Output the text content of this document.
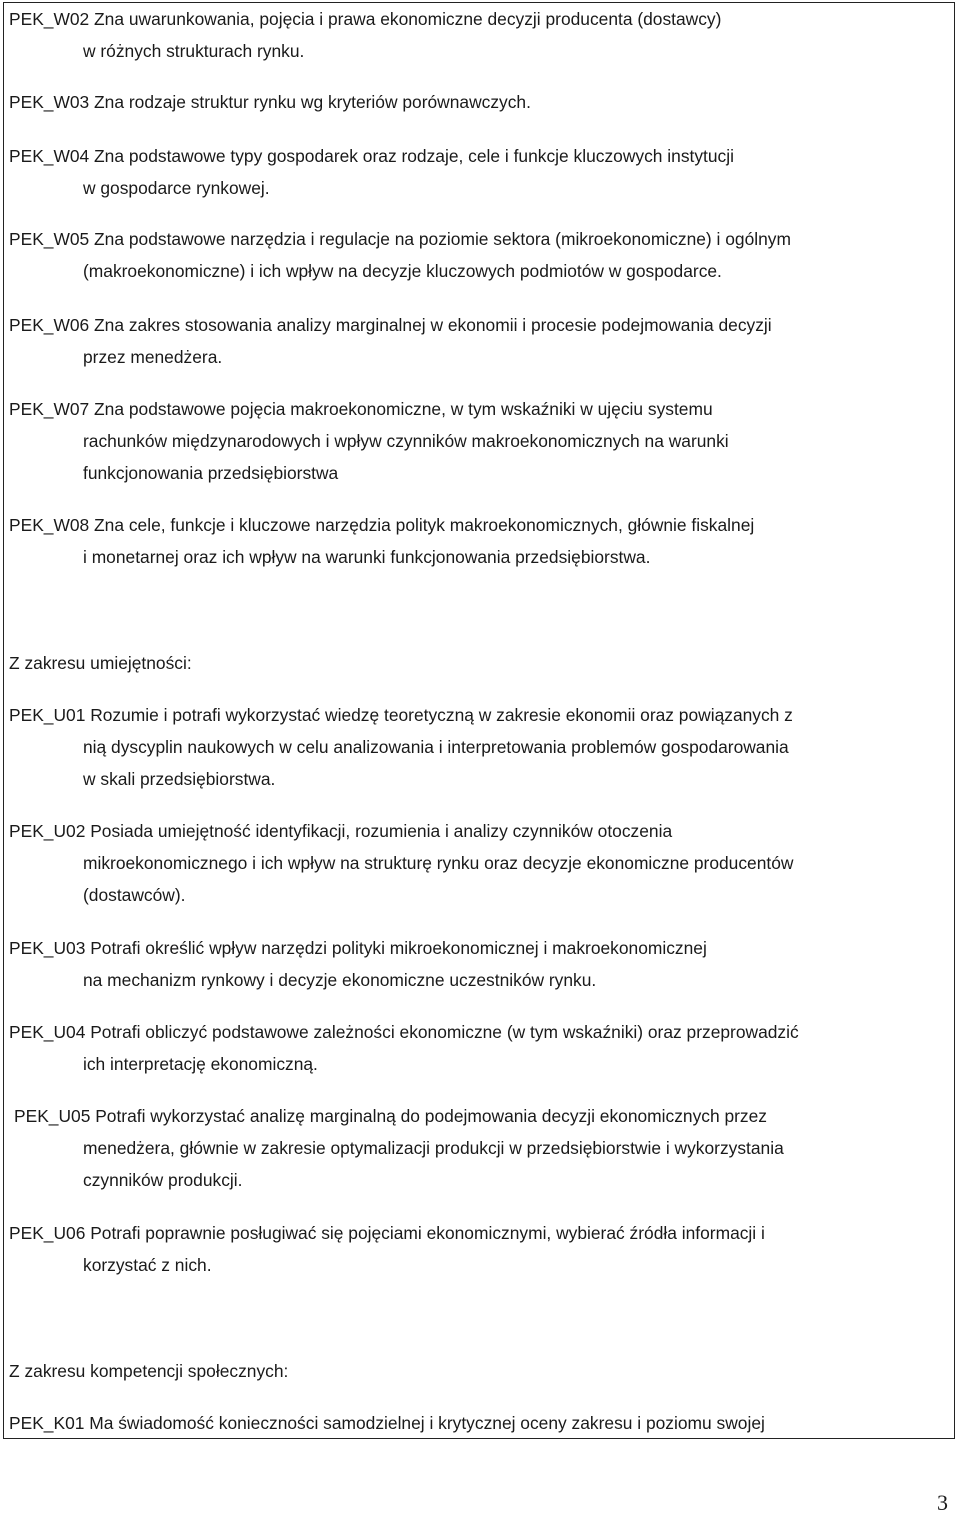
PEK_W02 Zna uwarunkowania, pojęcia i prawa ekonomiczne decyzji producenta (dostawcy)
w różnych strukturach rynku.
PEK_W03 Zna rodzaje struktur rynku wg kryteriów porównawczych.
PEK_W04 Zna podstawowe typy gospodarek oraz rodzaje, cele i funkcje kluczowych instytucji
w gospodarce rynkowej.
PEK_W05 Zna podstawowe narzędzia i regulacje na poziomie sektora (mikroekonomiczne) i ogólnym
(makroekonomiczne) i ich wpływ na decyzje kluczowych podmiotów w gospodarce.
PEK_W06 Zna zakres stosowania analizy marginalnej w ekonomii i procesie podejmowania decyzji
przez menedżera.
PEK_W07 Zna podstawowe pojęcia makroekonomiczne, w tym wskaźniki w ujęciu systemu
rachunków międzynarodowych i wpływ czynników makroekonomicznych na warunki
funkcjonowania przedsiębiorstwa
PEK_W08 Zna cele, funkcje i kluczowe narzędzia polityk makroekonomicznych, głównie fiskalnej
i monetarnej oraz ich wpływ na warunki funkcjonowania przedsiębiorstwa.
Z zakresu umiejętności:
PEK_U01 Rozumie i potrafi wykorzystać wiedzę teoretyczną w zakresie ekonomii oraz powiązanych z
nią dyscyplin naukowych w celu analizowania i interpretowania problemów gospodarowania
w skali przedsiębiorstwa.
PEK_U02 Posiada umiejętność identyfikacji, rozumienia i analizy czynników otoczenia
mikroekonomicznego i ich wpływ na strukturę rynku oraz decyzje ekonomiczne producentów
(dostawców).
PEK_U03 Potrafi określić wpływ narzędzi polityki mikroekonomicznej i makroekonomicznej
na mechanizm rynkowy i decyzje ekonomiczne uczestników rynku.
PEK_U04 Potrafi obliczyć podstawowe zależności ekonomiczne (w tym wskaźniki) oraz przeprowadzić
ich interpretację ekonomiczną.
PEK_U05 Potrafi wykorzystać analizę marginalną do podejmowania decyzji ekonomicznych przez
menedżera, głównie w zakresie optymalizacji produkcji w przedsiębiorstwie i wykorzystania
czynników produkcji.
PEK_U06 Potrafi poprawnie posługiwać się pojęciami ekonomicznymi, wybierać źródła informacji i
korzystać z nich.
Z zakresu kompetencji społecznych:
PEK_K01 Ma świadomość konieczności samodzielnej i krytycznej oceny zakresu i poziomu swojej
3
